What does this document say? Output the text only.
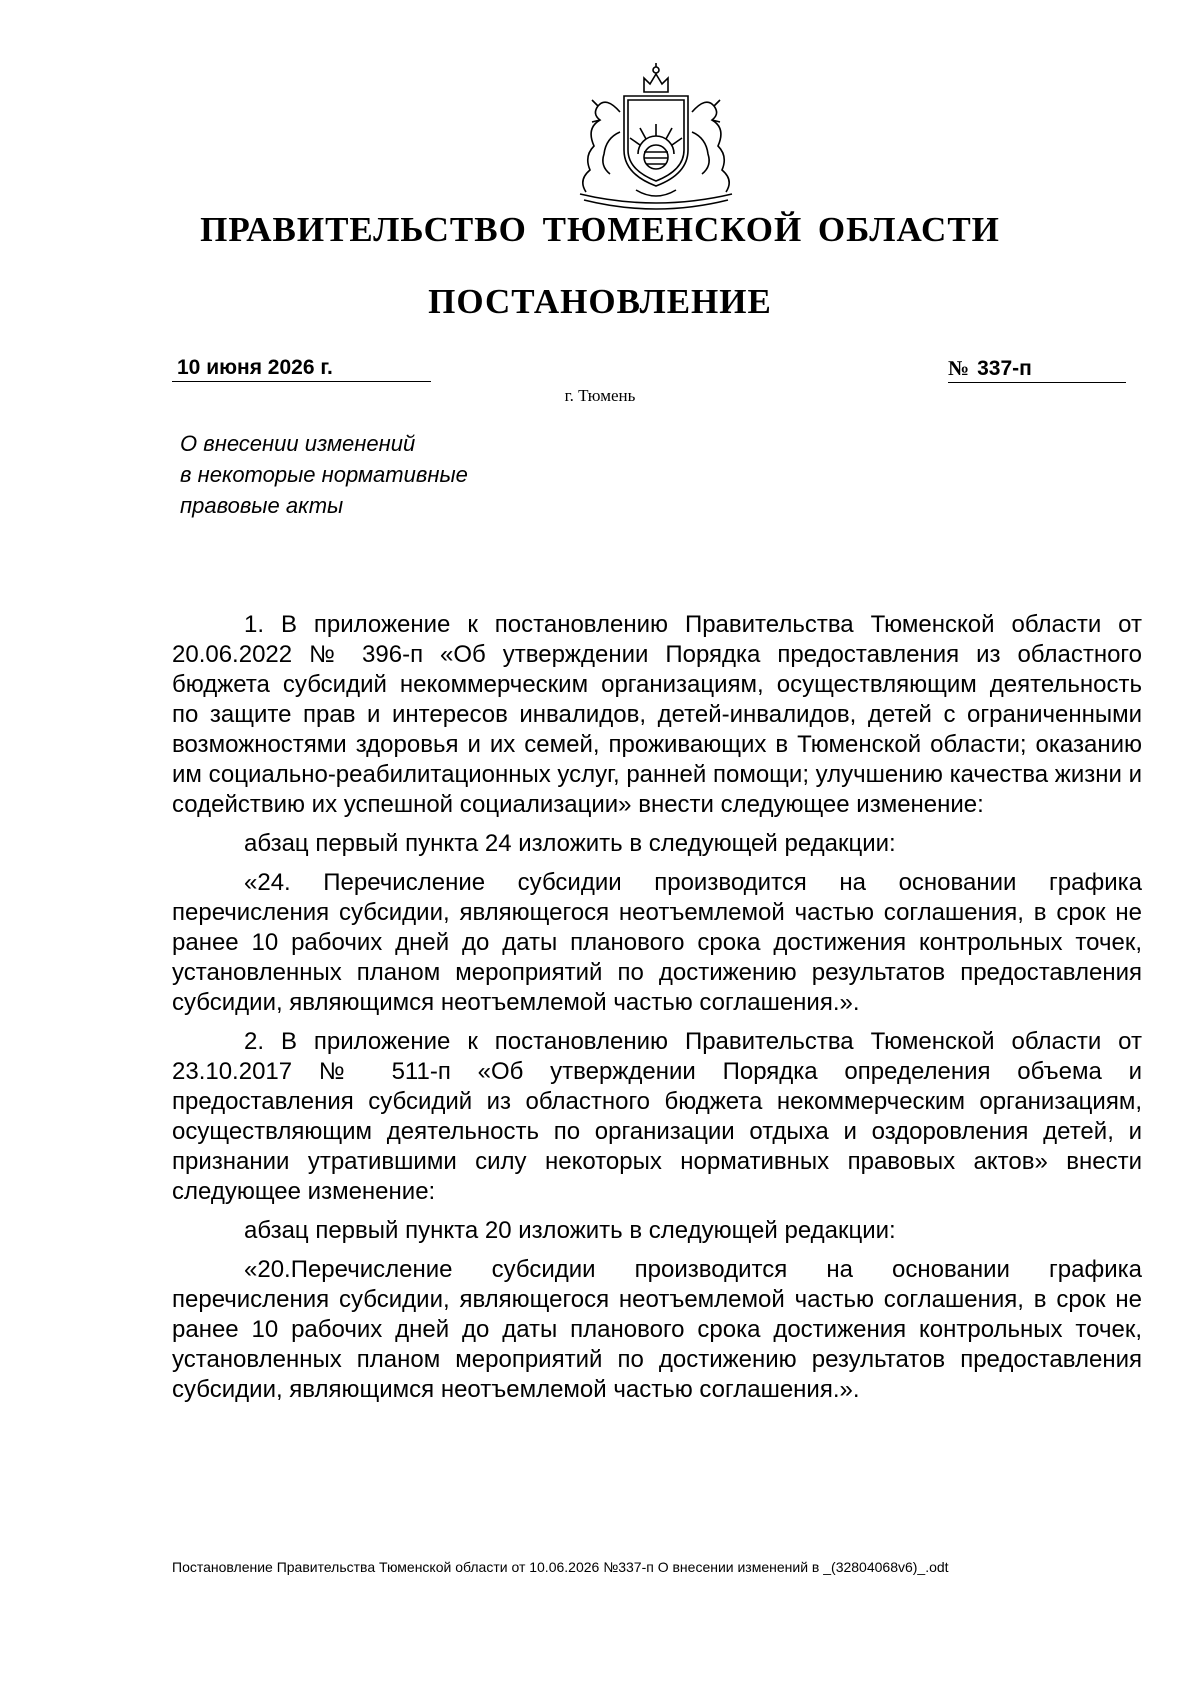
ПРАВИТЕЛЬСТВО ТЮМЕНСКОЙ ОБЛАСТИ
ПОСТАНОВЛЕНИЕ
10 июня 2026 г.	№ 337-п
г. Тюмень
О внесении изменений
в некоторые нормативные
правовые акты

1. В приложение к постановлению Правительства Тюменской области от 20.06.2022 № 396-п «Об утверждении Порядка предоставления из областного бюджета субсидий некоммерческим организациям, осуществляющим деятельность по защите прав и интересов инвалидов, детей-инвалидов, детей с ограниченными возможностями здоровья и их семей, проживающих в Тюменской области; оказанию им социально-реабилитационных услуг, ранней помощи; улучшению качества жизни и содействию их успешной социализации» внести следующее изменение:

абзац первый пункта 24 изложить в следующей редакции:

«24. Перечисление субсидии производится на основании графика перечисления субсидии, являющегося неотъемлемой частью соглашения, в срок не ранее 10 рабочих дней до даты планового срока достижения контрольных точек, установленных планом мероприятий по достижению результатов предоставления субсидии, являющимся неотъемлемой частью соглашения.».

2. В приложение к постановлению Правительства Тюменской области от 23.10.2017 № 511-п «Об утверждении Порядка определения объема и предоставления субсидий из областного бюджета некоммерческим организациям, осуществляющим деятельность по организации отдыха и оздоровления детей, и признании утратившими силу некоторых нормативных правовых актов» внести следующее изменение:

абзац первый пункта 20 изложить в следующей редакции:

«20.Перечисление субсидии производится на основании графика перечисления субсидии, являющегося неотъемлемой частью соглашения, в срок не ранее 10 рабочих дней до даты планового срока достижения контрольных точек, установленных планом мероприятий по достижению результатов предоставления субсидии, являющимся неотъемлемой частью соглашения.».

Постановление Правительства Тюменской области от 10.06.2026 №337-п О внесении изменений в _(32804068v6)_.odt
